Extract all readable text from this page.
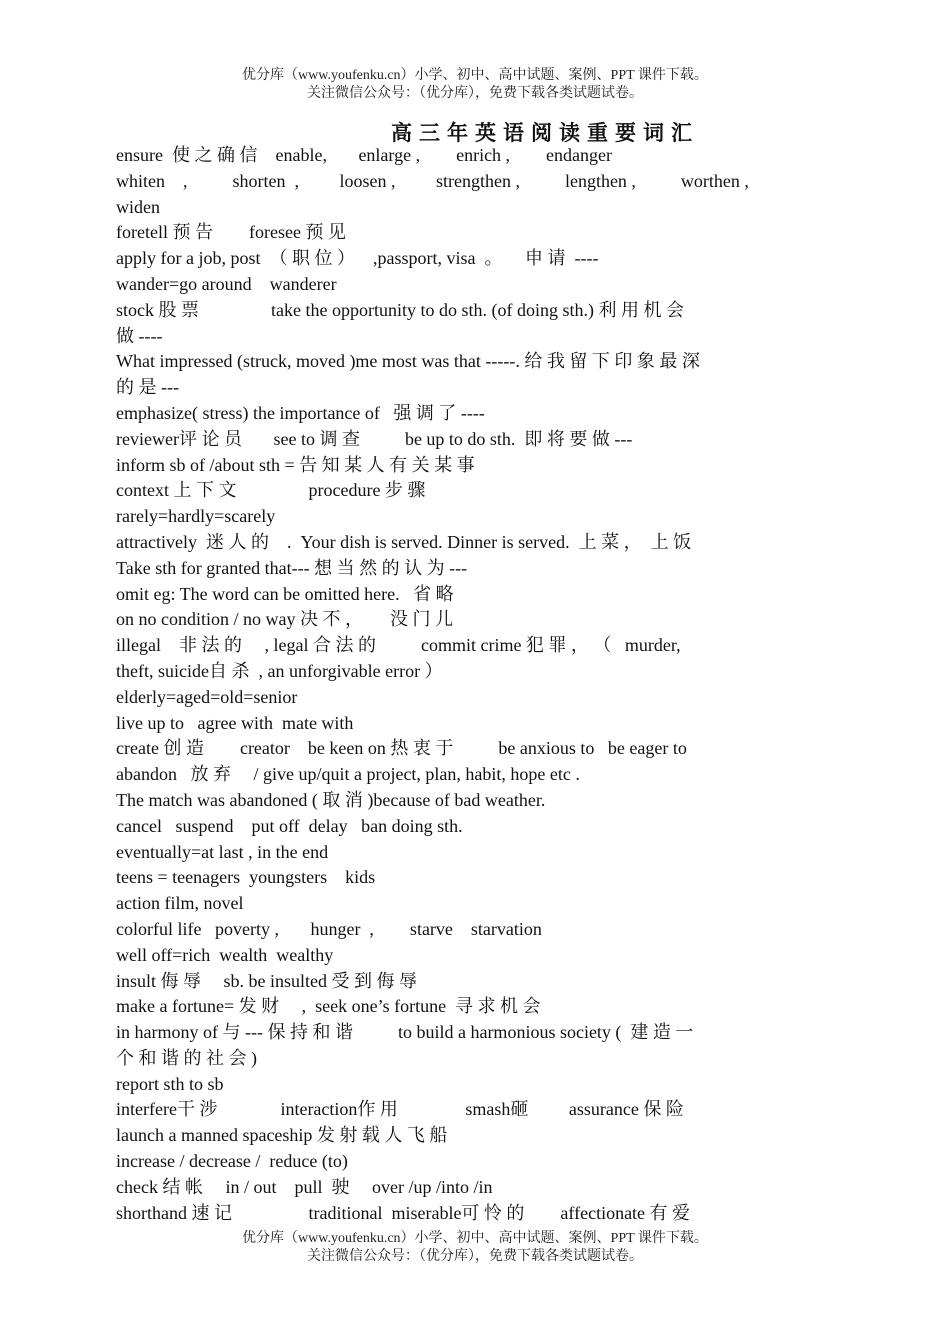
优分库（www.youfenku.cn）小学、初中、高中试题、案例、PPT 课件下载。
关注微信公众号：（优分库），免费下载各类试题试卷。
高三年英语阅读重要词汇
ensure  使 之 确 信    enable,       enlarge ,        enrich ,        endanger
whiten    ,          shorten  ,         loosen ,         strengthen ,          lengthen ,          worthen ,
widen
foretell 预 告        foresee 预 见
apply for a job, post  （ 职 位 ）    ,passport, visa  。     申 请  ----
wander=go around    wanderer
stock 股 票                take the opportunity to do sth. (of doing sth.) 利 用 机 会
做 ----
What impressed (struck, moved )me most was that -----. 给 我 留 下 印 象 最 深
的 是 ---
emphasize( stress) the importance of   强 调 了 ----
reviewer评 论 员       see to 调 查          be up to do sth.  即 将 要 做 ---
inform sb of /about sth = 告 知 某 人 有 关 某 事
context 上 下 文                procedure 步 骤
rarely=hardly=scarely
attractively  迷 人 的    .  Your dish is served. Dinner is served.  上 菜 ，  上 饭
Take sth for granted that--- 想 当 然 的 认 为 ---
omit eg: The word can be omitted here.   省 略
on no condition / no way 决 不 ，      没 门 儿
illegal    非 法 的     , legal 合 法 的          commit crime 犯 罪 ， （   murder,
theft, suicide自 杀  , an unforgivable error ）
elderly=aged=old=senior
live up to   agree with  mate with
create 创 造        creator    be keen on 热 衷 于          be anxious to   be eager to
abandon   放 弃     / give up/quit a project, plan, habit, hope etc .
The match was abandoned ( 取 消 )because of bad weather.
cancel   suspend    put off  delay   ban doing sth.
eventually=at last , in the end
teens = teenagers  youngsters    kids
action film, novel
colorful life   poverty ,       hunger  ,        starve    starvation
well off=rich  wealth  wealthy
insult 侮 辱     sb. be insulted 受 到 侮 辱
make a fortune= 发 财     ,  seek one’s fortune  寻 求 机 会
in harmony of 与 --- 保 持 和 谐          to build a harmonious society (  建 造 一
个 和 谐 的 社 会 )
report sth to sb
interfere干 涉              interaction作 用               smash砸         assurance 保 险
launch a manned spaceship 发 射 载 人 飞 船
increase / decrease /  reduce (to)
check 结 帐     in / out    pull  驶     over /up /into /in
shorthand 速 记                 traditional  miserable可 怜 的        affectionate 有 爱
优分库（www.youfenku.cn）小学、初中、高中试题、案例、PPT 课件下载。
关注微信公众号：（优分库），免费下载各类试题试卷。
